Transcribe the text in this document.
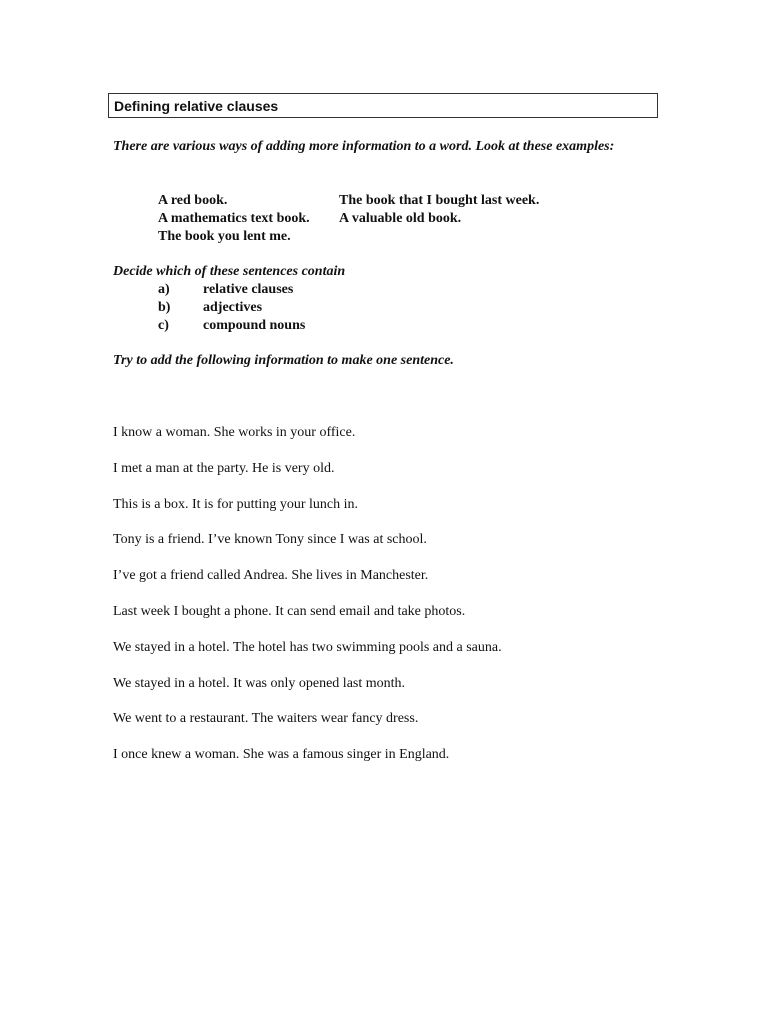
Defining relative clauses
There are various ways of adding more information to a word. Look at these examples:
A red book.	The book that I bought last week.
A mathematics text book.	A valuable old book.
The book you lent me.
Decide which of these sentences contain
a)	relative clauses
b)	adjectives
c)	compound nouns
Try to add the following information to make one sentence.
I know a woman. She works in your office.
I met a man at the party. He is very old.
This is a box. It is for putting your lunch in.
Tony is a friend. I’ve known Tony since I was at school.
I’ve got a friend called Andrea. She lives in Manchester.
Last week I bought a phone. It can send email and take photos.
We stayed in a hotel. The hotel has two swimming pools and a sauna.
We stayed in a hotel. It was only opened last month.
We went to a restaurant. The waiters wear fancy dress.
I once knew a woman. She was a famous singer in England.
